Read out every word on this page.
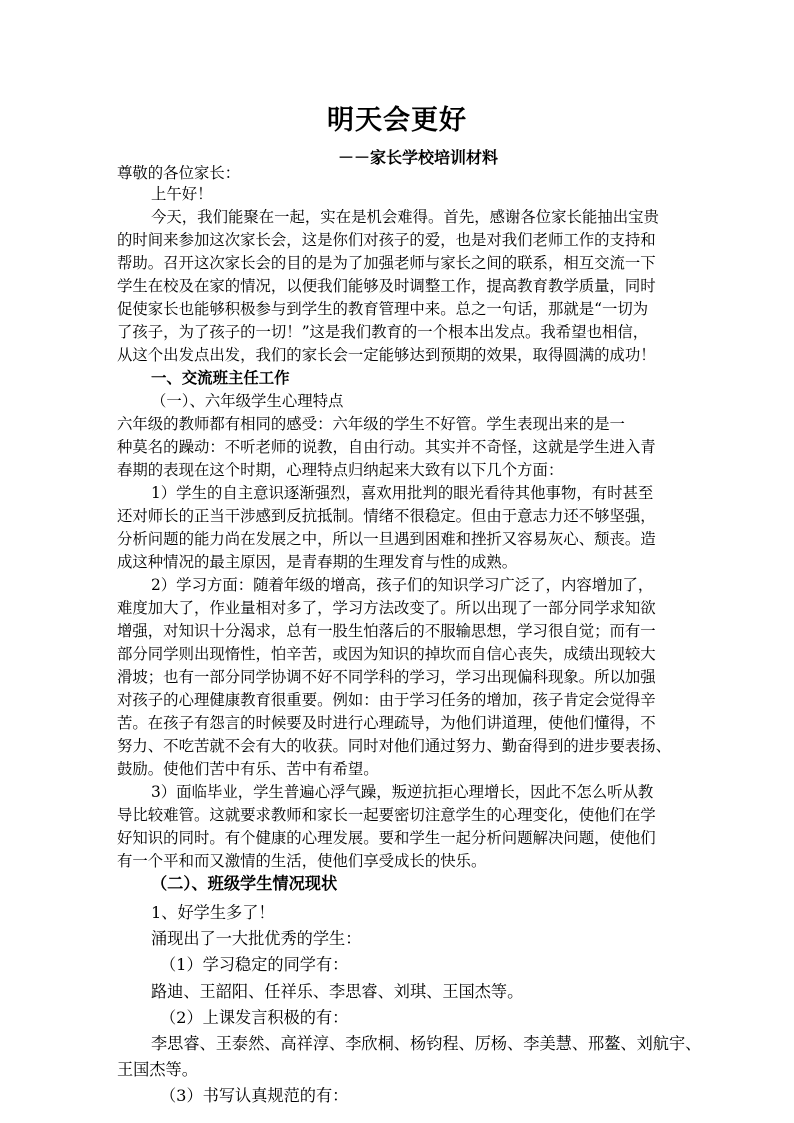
明天会更好
－－家长学校培训材料
尊敬的各位家长：
上午好！
今天，我们能聚在一起，实在是机会难得。首先，感谢各位家长能抽出宝贵
的时间来参加这次家长会，这是你们对孩子的爱，也是对我们老师工作的支持和
帮助。召开这次家长会的目的是为了加强老师与家长之间的联系，相互交流一下
学生在校及在家的情况，以便我们能够及时调整工作，提高教育教学质量，同时
促使家长也能够积极参与到学生的教育管理中来。总之一句话，那就是“一切为
了孩子，为了孩子的一切！”这是我们教育的一个根本出发点。我希望也相信，
从这个出发点出发，我们的家长会一定能够达到预期的效果，取得圆满的成功！
一、交流班主任工作
（一）、六年级学生心理特点
六年级的教师都有相同的感受：六年级的学生不好管。学生表现出来的是一
种莫名的躁动：不听老师的说教，自由行动。其实并不奇怪，这就是学生进入青
春期的表现在这个时期，心理特点归纳起来大致有以下几个方面：
1）学生的自主意识逐渐强烈，喜欢用批判的眼光看待其他事物，有时甚至
还对师长的正当干涉感到反抗抵制。情绪不很稳定。但由于意志力还不够坚强，
分析问题的能力尚在发展之中，所以一旦遇到困难和挫折又容易灰心、颓丧。造
成这种情况的最主原因，是青春期的生理发育与性的成熟。
2）学习方面：随着年级的增高，孩子们的知识学习广泛了，内容增加了，
难度加大了，作业量相对多了，学习方法改变了。所以出现了一部分同学求知欲
增强，对知识十分渴求，总有一股生怕落后的不服输思想，学习很自觉；而有一
部分同学则出现惰性，怕辛苦，或因为知识的掉坎而自信心丧失，成绩出现较大
滑坡；也有一部分同学协调不好不同学科的学习，学习出现偏科现象。所以加强
对孩子的心理健康教育很重要。例如：由于学习任务的增加，孩子肯定会觉得辛
苦。在孩子有怨言的时候要及时进行心理疏导，为他们讲道理，使他们懂得，不
努力、不吃苦就不会有大的收获。同时对他们通过努力、勤奋得到的进步要表扬、
鼓励。使他们苦中有乐、苦中有希望。
3）面临毕业，学生普遍心浮气躁，叛逆抗拒心理增长，因此不怎么听从教
导比较难管。这就要求教师和家长一起要密切注意学生的心理变化，使他们在学
好知识的同时。有个健康的心理发展。要和学生一起分析问题解决问题，使他们
有一个平和而又激情的生活，使他们享受成长的快乐。
（二）、班级学生情况现状
1、好学生多了！
涌现出了一大批优秀的学生：
（1）学习稳定的同学有：
路迪、王韶阳、任祥乐、李思睿、刘琪、王国杰等。
（2）上课发言积极的有：
李思睿、王泰然、高祥淳、李欣桐、杨钧程、厉杨、李美慧、邢鳌、刘航宇、
王国杰等。
（3）书写认真规范的有：
